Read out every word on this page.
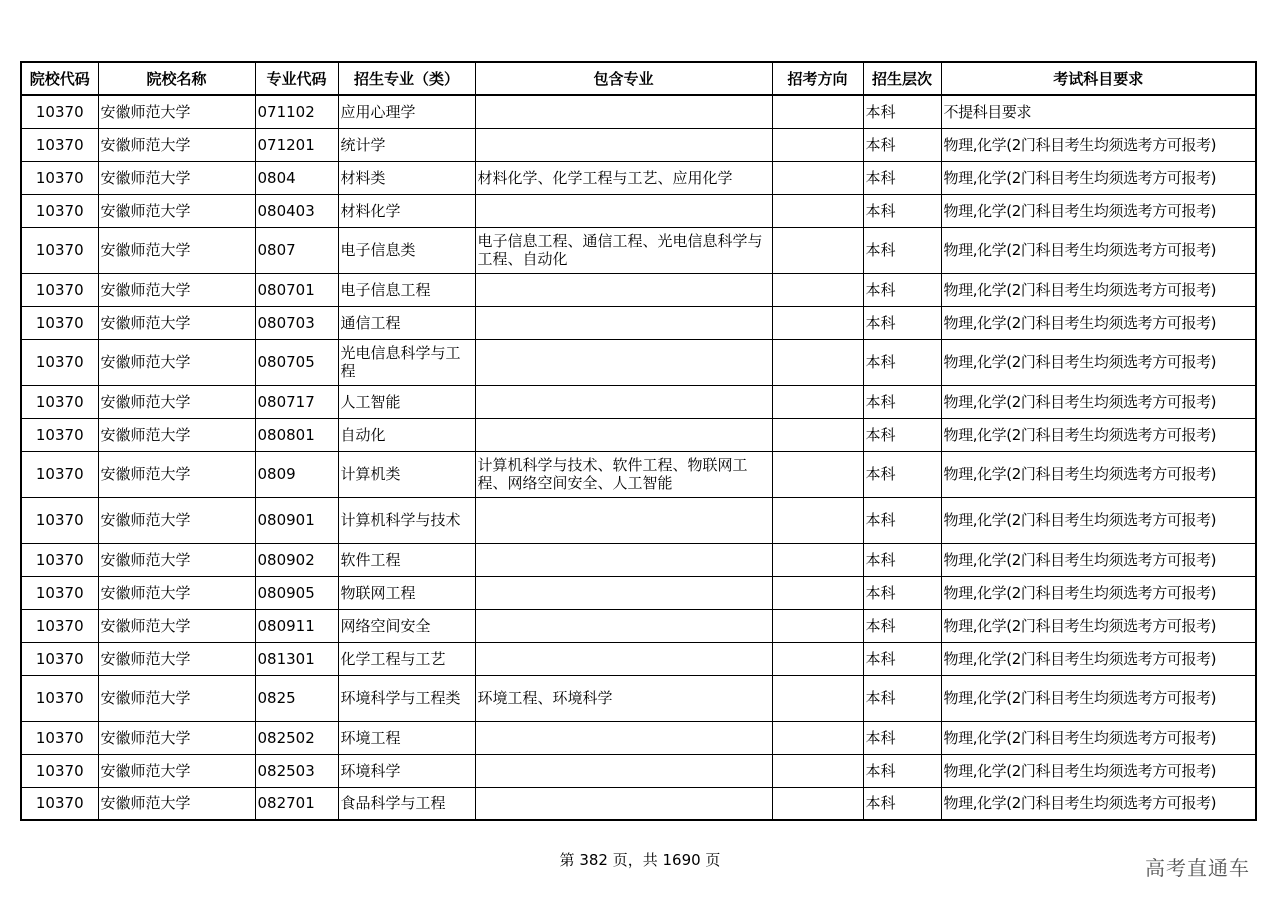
院校代码	院校名称	专业代码	招生专业（类）	包含专业	招考方向	招生层次	考试科目要求
10370	安徽师范大学	071102	应用心理学			本科	不提科目要求
10370	安徽师范大学	071201	统计学			本科	物理,化学(2门科目考生均须选考方可报考)
10370	安徽师范大学	0804	材料类	材料化学、化学工程与工艺、应用化学		本科	物理,化学(2门科目考生均须选考方可报考)
10370	安徽师范大学	080403	材料化学			本科	物理,化学(2门科目考生均须选考方可报考)
10370	安徽师范大学	0807	电子信息类	电子信息工程、通信工程、光电信息科学与工程、自动化		本科	物理,化学(2门科目考生均须选考方可报考)
10370	安徽师范大学	080701	电子信息工程			本科	物理,化学(2门科目考生均须选考方可报考)
10370	安徽师范大学	080703	通信工程			本科	物理,化学(2门科目考生均须选考方可报考)
10370	安徽师范大学	080705	光电信息科学与工程			本科	物理,化学(2门科目考生均须选考方可报考)
10370	安徽师范大学	080717	人工智能			本科	物理,化学(2门科目考生均须选考方可报考)
10370	安徽师范大学	080801	自动化			本科	物理,化学(2门科目考生均须选考方可报考)
10370	安徽师范大学	0809	计算机类	计算机科学与技术、软件工程、物联网工程、网络空间安全、人工智能		本科	物理,化学(2门科目考生均须选考方可报考)
10370	安徽师范大学	080901	计算机科学与技术			本科	物理,化学(2门科目考生均须选考方可报考)
10370	安徽师范大学	080902	软件工程			本科	物理,化学(2门科目考生均须选考方可报考)
10370	安徽师范大学	080905	物联网工程			本科	物理,化学(2门科目考生均须选考方可报考)
10370	安徽师范大学	080911	网络空间安全			本科	物理,化学(2门科目考生均须选考方可报考)
10370	安徽师范大学	081301	化学工程与工艺			本科	物理,化学(2门科目考生均须选考方可报考)
10370	安徽师范大学	0825	环境科学与工程类	环境工程、环境科学		本科	物理,化学(2门科目考生均须选考方可报考)
10370	安徽师范大学	082502	环境工程			本科	物理,化学(2门科目考生均须选考方可报考)
10370	安徽师范大学	082503	环境科学			本科	物理,化学(2门科目考生均须选考方可报考)
10370	安徽师范大学	082701	食品科学与工程			本科	物理,化学(2门科目考生均须选考方可报考)
第 382 页，共 1690 页	高考直通车
